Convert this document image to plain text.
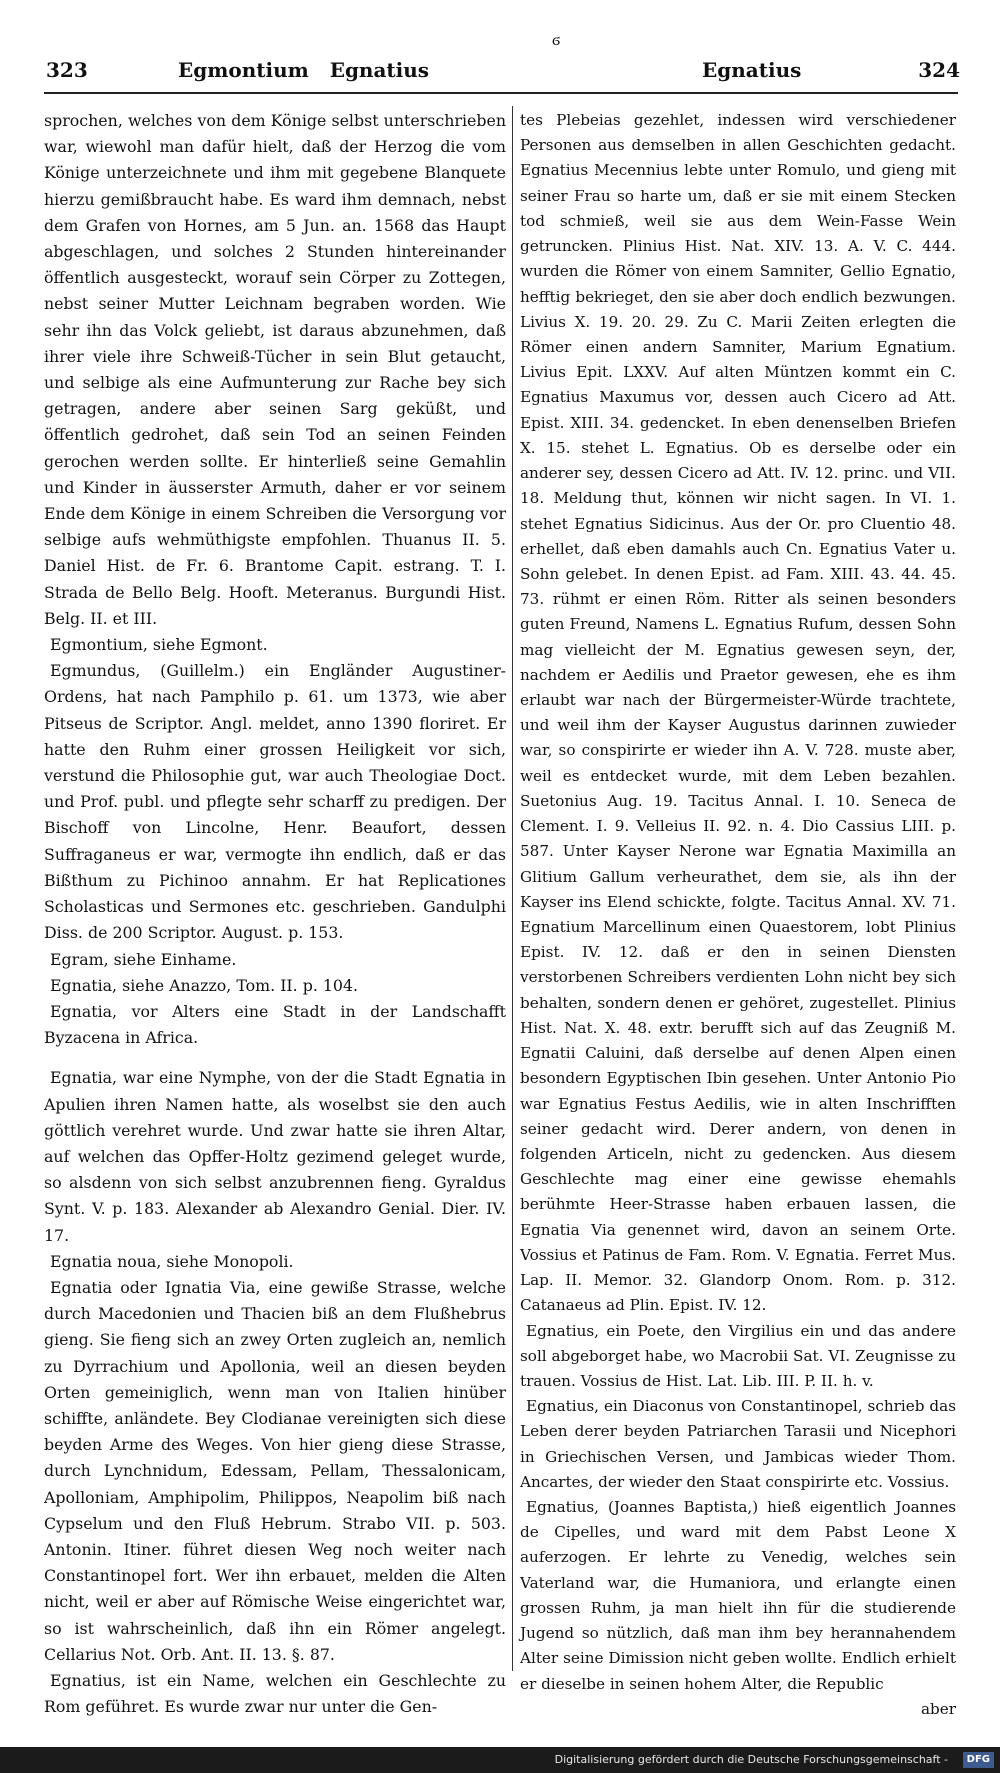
ϭ
323	Egmontium   Egnatius	Egnatius	324

sprochen, welches von dem Könige selbst unterschrieben war, wiewohl man dafür hielt, daß der Herzog die vom Könige unterzeichnete und ihm mit gegebene Blanquete hierzu gemißbraucht habe. Es ward ihm demnach, nebst dem Grafen von Hornes, am 5 Jun. an. 1568 das Haupt abgeschlagen, und solches 2 Stunden hintereinander öffentlich ausgesteckt, worauf sein Cörper zu Zottegen, nebst seiner Mutter Leichnam begraben worden. Wie sehr ihn das Volck geliebt, ist daraus abzunehmen, daß ihrer viele ihre Schweiß-Tücher in sein Blut getaucht, und selbige als eine Aufmunterung zur Rache bey sich getragen, andere aber seinen Sarg geküßt, und öffentlich gedrohet, daß sein Tod an seinen Feinden gerochen werden sollte. Er hinterließ seine Gemahlin und Kinder in äusserster Armuth, daher er vor seinem Ende dem Könige in einem Schreiben die Versorgung vor selbige aufs wehmüthigste empfohlen. Thuanus II. 5. Daniel Hist. de Fr. 6. Brantome Capit. estrang. T. I. Strada de Bello Belg. Hooft. Meteranus. Burgundi Hist. Belg. II. et III.

Egmontium, siehe Egmont.

Egmundus, (Guillelm.) ein Engländer Augustiner-Ordens, hat nach Pamphilo p. 61. um 1373, wie aber Pitseus de Scriptor. Angl. meldet, anno 1390 floriret. Er hatte den Ruhm einer grossen Heiligkeit vor sich, verstund die Philosophie gut, war auch Theologiae Doct. und Prof. publ. und pflegte sehr scharff zu predigen. Der Bischoff von Lincolne, Henr. Beaufort, dessen Suffraganeus er war, vermogte ihn endlich, daß er das Bißthum zu Pichinoo annahm. Er hat Replicationes Scholasticas und Sermones etc. geschrieben. Gandulphi Diss. de 200 Scriptor. August. p. 153.

Egram, siehe Einhame.

Egnatia, siehe Anazzo, Tom. II. p. 104.

Egnatia, vor Alters eine Stadt in der Landschafft Byzacena in Africa.

Egnatia, war eine Nymphe, von der die Stadt Egnatia in Apulien ihren Namen hatte, als woselbst sie den auch göttlich verehret wurde. Und zwar hatte sie ihren Altar, auf welchen das Opffer-Holtz gezimend geleget wurde, so alsdenn von sich selbst anzubrennen fieng. Gyraldus Synt. V. p. 183. Alexander ab Alexandro Genial. Dier. IV. 17.

Egnatia noua, siehe Monopoli.

Egnatia oder Ignatia Via, eine gewiße Strasse, welche durch Macedonien und Thacien biß an dem Flußhebrus gieng. Sie fieng sich an zwey Orten zugleich an, nemlich zu Dyrrachium und Apollonia, weil an diesen beyden Orten gemeiniglich, wenn man von Italien hinüber schiffte, anländete. Bey Clodianae vereinigten sich diese beyden Arme des Weges. Von hier gieng diese Strasse, durch Lynchnidum, Edessam, Pellam, Thessalonicam, Apolloniam, Amphipolim, Philippos, Neapolim biß nach Cypselum und den Fluß Hebrum. Strabo VII. p. 503. Antonin. Itiner. führet diesen Weg noch weiter nach Constantinopel fort. Wer ihn erbauet, melden die Alten nicht, weil er aber auf Römische Weise eingerichtet war, so ist wahrscheinlich, daß ihn ein Römer angelegt. Cellarius Not. Orb. Ant. II. 13. §. 87.

Egnatius, ist ein Name, welchen ein Geschlechte zu Rom geführet. Es wurde zwar nur unter die Gen-

tes Plebeias gezehlet, indessen wird verschiedener Personen aus demselben in allen Geschichten gedacht. Egnatius Mecennius lebte unter Romulo, und gieng mit seiner Frau so harte um, daß er sie mit einem Stecken tod schmieß, weil sie aus dem Wein-Fasse Wein getruncken. Plinius Hist. Nat. XIV. 13. A. V. C. 444. wurden die Römer von einem Samniter, Gellio Egnatio, hefftig bekrieget, den sie aber doch endlich bezwungen. Livius X. 19. 20. 29. Zu C. Marii Zeiten erlegten die Römer einen andern Samniter, Marium Egnatium. Livius Epit. LXXV. Auf alten Müntzen kommt ein C. Egnatius Maxumus vor, dessen auch Cicero ad Att. Epist. XIII. 34. gedencket. In eben denenselben Briefen X. 15. stehet L. Egnatius. Ob es derselbe oder ein anderer sey, dessen Cicero ad Att. IV. 12. princ. und VII. 18. Meldung thut, können wir nicht sagen. In VI. 1. stehet Egnatius Sidicinus. Aus der Or. pro Cluentio 48. erhellet, daß eben damahls auch Cn. Egnatius Vater u. Sohn gelebet. In denen Epist. ad Fam. XIII. 43. 44. 45. 73. rühmt er einen Röm. Ritter als seinen besonders guten Freund, Namens L. Egnatius Rufum, dessen Sohn mag vielleicht der M. Egnatius gewesen seyn, der, nachdem er Aedilis und Praetor gewesen, ehe es ihm erlaubt war nach der Bürgermeister-Würde trachtete, und weil ihm der Kayser Augustus darinnen zuwieder war, so conspirirte er wieder ihn A. V. 728. muste aber, weil es entdecket wurde, mit dem Leben bezahlen. Suetonius Aug. 19. Tacitus Annal. I. 10. Seneca de Clement. I. 9. Velleius II. 92. n. 4. Dio Cassius LIII. p. 587. Unter Kayser Nerone war Egnatia Maximilla an Glitium Gallum verheurathet, dem sie, als ihn der Kayser ins Elend schickte, folgte. Tacitus Annal. XV. 71. Egnatium Marcellinum einen Quaestorem, lobt Plinius Epist. IV. 12. daß er den in seinen Diensten verstorbenen Schreibers verdienten Lohn nicht bey sich behalten, sondern denen er gehöret, zugestellet. Plinius Hist. Nat. X. 48. extr. berufft sich auf das Zeugniß M. Egnatii Caluini, daß derselbe auf denen Alpen einen besondern Egyptischen Ibin gesehen. Unter Antonio Pio war Egnatius Festus Aedilis, wie in alten Inschrifften seiner gedacht wird. Derer andern, von denen in folgenden Articeln, nicht zu gedencken. Aus diesem Geschlechte mag einer eine gewisse ehemahls berühmte Heer-Strasse haben erbauen lassen, die Egnatia Via genennet wird, davon an seinem Orte. Vossius et Patinus de Fam. Rom. V. Egnatia. Ferret Mus. Lap. II. Memor. 32. Glandorp Onom. Rom. p. 312. Catanaeus ad Plin. Epist. IV. 12.

Egnatius, ein Poete, den Virgilius ein und das andere soll abgeborget habe, wo Macrobii Sat. VI. Zeugnisse zu trauen. Vossius de Hist. Lat. Lib. III. P. II. h. v.

Egnatius, ein Diaconus von Constantinopel, schrieb das Leben derer beyden Patriarchen Tarasii und Nicephori in Griechischen Versen, und Jambicas wieder Thom. Ancartes, der wieder den Staat conspirirte etc. Vossius.

Egnatius, (Joannes Baptista,) hieß eigentlich Joannes de Cipelles, und ward mit dem Pabst Leone X auferzogen. Er lehrte zu Venedig, welches sein Vaterland war, die Humaniora, und erlangte einen grossen Ruhm, ja man hielt ihn für die studierende Jugend so nützlich, daß man ihm bey herannahendem Alter seine Dimission nicht geben wollte. Endlich erhielt er dieselbe in seinen hohem Alter, die Republic

aber

Digitalisierung gefördert durch die Deutsche Forschungsgemeinschaft -	DFG
